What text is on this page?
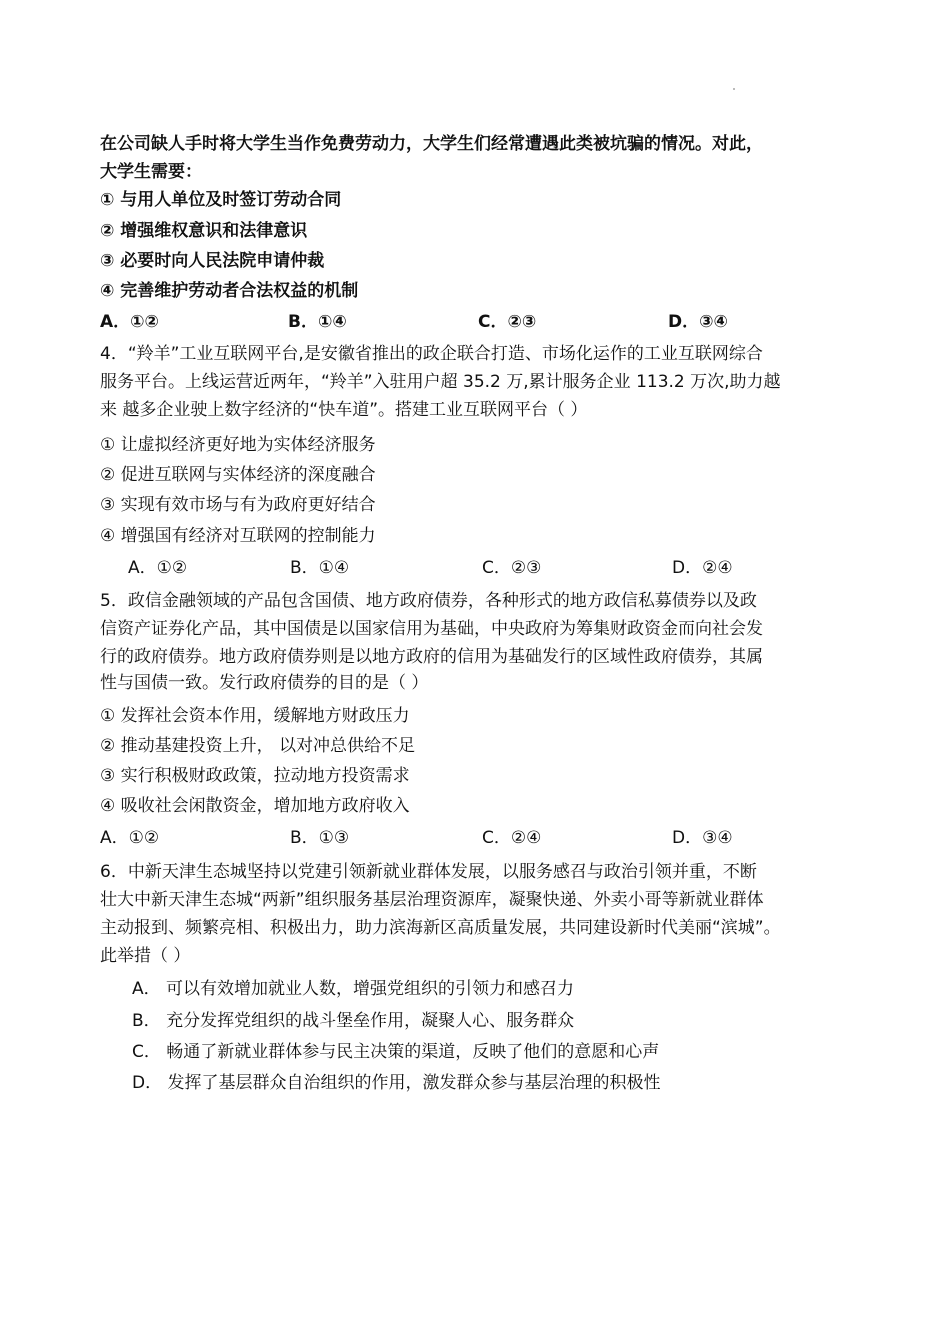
在公司缺人手时将大学生当作免费劳动力，大学生们经常遭遇此类被坑骗的情况。对此，
大学生需要：
① 与用人单位及时签订劳动合同
② 增强维权意识和法律意识
③ 必要时向人民法院申请仲裁
④ 完善维护劳动者合法权益的机制
A．①②	B．①④	C．②③	D．③④
4．“羚羊”工业互联网平台,是安徽省推出的政企联合打造、市场化运作的工业互联网综合
服务平台。上线运营近两年，“羚羊”入驻用户超 35.2 万,累计服务企业 113.2 万次,助力越
来 越多企业驶上数字经济的“快车道”。搭建工业互联网平台（ ）
① 让虚拟经济更好地为实体经济服务
② 促进互联网与实体经济的深度融合
③ 实现有效市场与有为政府更好结合
④ 增强国有经济对互联网的控制能力
A．①②	B．①④	C．②③	D．②④
5．政信金融领域的产品包含国债、地方政府债券，各种形式的地方政信私募债券以及政
信资产证券化产品，其中国债是以国家信用为基础，中央政府为筹集财政资金而向社会发
行的政府债券。地方政府债券则是以地方政府的信用为基础发行的区域性政府债券，其属
性与国债一致。发行政府债券的目的是（ ）
① 发挥社会资本作用，缓解地方财政压力
② 推动基建投资上升， 以对冲总供给不足
③ 实行积极财政政策，拉动地方投资需求
④ 吸收社会闲散资金，增加地方政府收入
A．①②	B．①③	C．②④	D．③④
6．中新天津生态城坚持以党建引领新就业群体发展，以服务感召与政治引领并重，不断
壮大中新天津生态城“两新”组织服务基层治理资源库，凝聚快递、外卖小哥等新就业群体
主动报到、频繁亮相、积极出力，助力滨海新区高质量发展，共同建设新时代美丽“滨城”。
此举措（ ）
A． 可以有效增加就业人数，增强党组织的引领力和感召力
B． 充分发挥党组织的战斗堡垒作用，凝聚人心、服务群众
C． 畅通了新就业群体参与民主决策的渠道，反映了他们的意愿和心声
D． 发挥了基层群众自治组织的作用，激发群众参与基层治理的积极性
